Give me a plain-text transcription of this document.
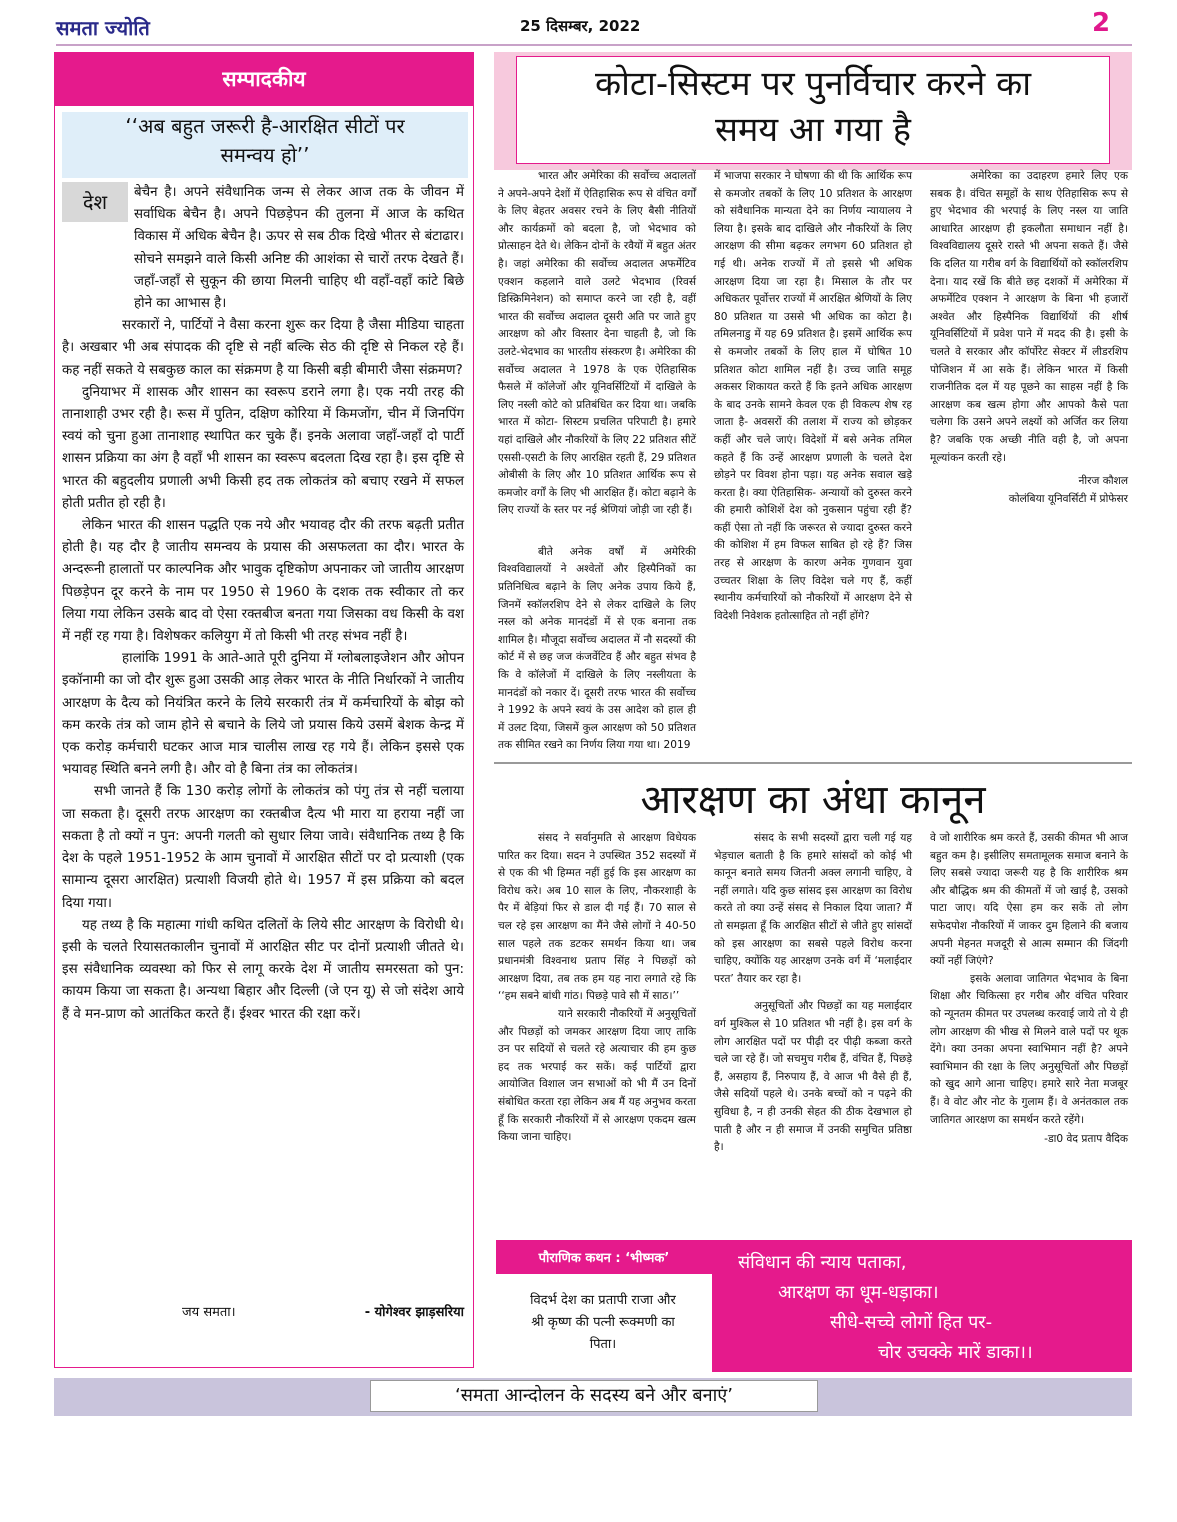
समता ज्योति	25 दिसम्बर, 2022	2
सम्पादकीय
‘‘अब बहुत जरूरी है-आरक्षित सीटों पर
समन्वय हो’’
देश	बेचैन है। अपने संवैधानिक जन्म से लेकर आज तक के जीवन में सर्वाधिक बेचैन है। अपने पिछड़ेपन की तुलना में आज के कथित विकास में अधिक बेचैन है। ऊपर से सब ठीक दिखे भीतर से बंटाढार। सोचने समझने वाले किसी अनिष्ट की आशंका से चारों तरफ देखते हैं। जहाँ-जहाँ से सुकून की छाया मिलनी चाहिए थी वहाँ-वहाँ कांटे बिछे होने का आभास है।

सरकारों ने, पार्टियों ने वैसा करना शुरू कर दिया है जैसा मीडिया चाहता है। अखबार भी अब संपादक की दृष्टि से नहीं बल्कि सेठ की दृष्टि से निकल रहे हैं। कह नहीं सकते ये सबकुछ काल का संक्रमण है या किसी बड़ी बीमारी जैसा संक्रमण?

दुनियाभर में शासक और शासन का स्वरूप डराने लगा है। एक नयी तरह की तानाशाही उभर रही है। रूस में पुतिन, दक्षिण कोरिया में किमजोंग, चीन में जिनपिंग स्वयं को चुना हुआ तानाशाह स्थापित कर चुके हैं। इनके अलावा जहाँ-जहाँ दो पार्टी शासन प्रक्रिया का अंग है वहाँ भी शासन का स्वरूप बदलता दिख रहा है। इस दृष्टि से भारत की बहुदलीय प्रणाली अभी किसी हद तक लोकतंत्र को बचाए रखने में सफल होती प्रतीत हो रही है।

लेकिन भारत की शासन पद्धति एक नये और भयावह दौर की तरफ बढ़ती प्रतीत होती है। यह दौर है जातीय समन्वय के प्रयास की असफलता का दौर। भारत के अन्दरूनी हालातों पर काल्पनिक और भावुक दृष्टिकोण अपनाकर जो जातीय आरक्षण पिछड़ेपन दूर करने के नाम पर 1950 से 1960 के दशक तक स्वीकार तो कर लिया गया लेकिन उसके बाद वो ऐसा रक्तबीज बनता गया जिसका वध किसी के वश में नहीं रह गया है। विशेषकर कलियुग में तो किसी भी तरह संभव नहीं है।

हालांकि 1991 के आते-आते पूरी दुनिया में ग्लोबलाइजेशन और ओपन इकॉनामी का जो दौर शुरू हुआ उसकी आड़ लेकर भारत के नीति निर्धारकों ने जातीय आरक्षण के दैत्य को नियंत्रित करने के लिये सरकारी तंत्र में कर्मचारियों के बोझ को कम करके तंत्र को जाम होने से बचाने के लिये जो प्रयास किये उसमें बेशक केन्द्र में एक करोड़ कर्मचारी घटकर आज मात्र चालीस लाख रह गये हैं। लेकिन इससे एक भयावह स्थिति बनने लगी है। और वो है बिना तंत्र का लोकतंत्र।

सभी जानते हैं कि 130 करोड़ लोगों के लोकतंत्र को पंगु तंत्र से नहीं चलाया जा सकता है। दूसरी तरफ आरक्षण का रक्तबीज दैत्य भी मारा या हराया नहीं जा सकता है तो क्यों न पुन: अपनी गलती को सुधार लिया जावे। संवैधानिक तथ्य है कि देश के पहले 1951-1952 के आम चुनावों में आरक्षित सीटों पर दो प्रत्याशी (एक सामान्य दूसरा आरक्षित) प्रत्याशी विजयी होते थे। 1957 में इस प्रक्रिया को बदल दिया गया।

यह तथ्य है कि महात्मा गांधी कथित दलितों के लिये सीट आरक्षण के विरोधी थे। इसी के चलते रियासतकालीन चुनावों में आरक्षित सीट पर दोनों प्रत्याशी जीतते थे। इस संवैधानिक व्यवस्था को फिर से लागू करके देश में जातीय समरसता को पुन: कायम किया जा सकता है। अन्यथा बिहार और दिल्ली (जे एन यू) से जो संदेश आये हैं वे मन-प्राण को आतंकित करते हैं। ईश्वर भारत की रक्षा करें।

जय समता।	- योगेश्वर झाड़सरिया
कोटा-सिस्टम पर पुनर्विचार करने का
समय आ गया है

भारत और अमेरिका की सर्वोच्च अदालतों ने अपने-अपने देशों में ऐतिहासिक रूप से वंचित वर्गों के लिए बेहतर अवसर रचने के लिए बैसी नीतियों और कार्यक्रमों को बदला है, जो भेदभाव को प्रोत्साहन देते थे। लेकिन दोनों के रवैयों में बहुत अंतर है। जहां अमेरिका की सर्वोच्च अदालत अफर्मेटिव एक्शन कहलाने वाले उलटे भेदभाव (रिवर्स डिस्क्रिमिनेशन) को समाप्त करने जा रही है, वहीं भारत की सर्वोच्च अदालत दूसरी अति पर जाते हुए आरक्षण को और विस्तार देना चाहती है, जो कि उलटे-भेदभाव का भारतीय संस्करण है। अमेरिका की सर्वोच्च अदालत ने 1978 के एक ऐतिहासिक फैसले में कॉलेजों और यूनिवर्सिटियों में दाखिले के लिए नस्ली कोटे को प्रतिबंधित कर दिया था। जबकि भारत में कोटा- सिस्टम प्रचलित परिपाटी है। हमारे यहां दाखिले और नौकरियों के लिए 22 प्रतिशत सीटें एससी-एसटी के लिए आरक्षित रहती हैं, 29 प्रतिशत ओबीसी के लिए और 10 प्रतिशत आर्थिक रूप से कमजोर वर्गों के लिए भी आरक्षित हैं। कोटा बढ़ाने के लिए राज्यों के स्तर पर नई श्रेणियां जोड़ी जा रही हैं।

बीते अनेक वर्षों में अमेरिकी विश्वविद्यालयों ने अश्वेतों और हिस्पैनिकों का प्रतिनिधित्व बढ़ाने के लिए अनेक उपाय किये हैं, जिनमें स्कॉलरशिप देने से लेकर दाखिले के लिए नस्ल को अनेक मानदंडों में से एक बनाना तक शामिल है। मौजूदा सर्वोच्च अदालत में नौ सदस्यों की कोर्ट में से छह जज कंजर्वेटिव हैं और बहुत संभव है कि वे कॉलेजों में दाखिले के लिए नस्लीयता के मानदंडों को नकार दें। दूसरी तरफ भारत की सर्वोच्च ने 1992 के अपने स्वयं के उस आदेश को हाल ही में उलट दिया, जिसमें कुल आरक्षण को 50 प्रतिशत तक सीमित रखने का निर्णय लिया गया था। 2019

में भाजपा सरकार ने घोषणा की थी कि आर्थिक रूप से कमजोर तबकों के लिए 10 प्रतिशत के आरक्षण को संवैधानिक मान्यता देने का निर्णय न्यायालय ने लिया है। इसके बाद दाखिले और नौकरियों के लिए आरक्षण की सीमा बढ़कर लगभग 60 प्रतिशत हो गई थी। अनेक राज्यों में तो इससे भी अधिक आरक्षण दिया जा रहा है। मिसाल के तौर पर अधिकतर पूर्वोत्तर राज्यों में आरक्षित श्रेणियों के लिए 80 प्रतिशत या उससे भी अधिक का कोटा है। तमिलनाडु में यह 69 प्रतिशत है। इसमें आर्थिक रूप से कमजोर तबकों के लिए हाल में घोषित 10 प्रतिशत कोटा शामिल नहीं है। उच्च जाति समूह अकसर शिकायत करते हैं कि इतने अधिक आरक्षण के बाद उनके सामने केवल एक ही विकल्प शेष रह जाता है- अवसरों की तलाश में राज्य को छोड़कर कहीं और चले जाएं। विदेशों में बसे अनेक तमिल कहते हैं कि उन्हें आरक्षण प्रणाली के चलते देश छोड़ने पर विवश होना पड़ा। यह अनेक सवाल खड़े करता है। क्या ऐतिहासिक- अन्यायों को दुरुस्त करने की हमारी कोशिशें देश को नुकसान पहुंचा रही हैं? कहीं ऐसा तो नहीं कि जरूरत से ज्यादा दुरुस्त करने की कोशिश में हम विफल साबित हो रहे हैं? जिस तरह से आरक्षण के कारण अनेक गुणवान युवा उच्चतर शिक्षा के लिए विदेश चले गए हैं, कहीं स्थानीय कर्मचारियों को नौकरियों में आरक्षण देने से विदेशी निवेशक हतोत्साहित तो नहीं होंगे?

अमेरिका का उदाहरण हमारे लिए एक सबक है। वंचित समूहों के साथ ऐतिहासिक रूप से हुए भेदभाव की भरपाई के लिए नस्ल या जाति आधारित आरक्षण ही इकलौता समाधान नहीं है। विश्वविद्यालय दूसरे रास्ते भी अपना सकते हैं। जैसे कि दलित या गरीब वर्ग के विद्यार्थियों को स्कॉलरशिप देना। याद रखें कि बीते छह दशकों में अमेरिका में अफर्मेटिव एक्शन ने आरक्षण के बिना भी हजारों अश्वेत और हिस्पैनिक विद्यार्थियों की शीर्ष यूनिवर्सिटियों में प्रवेश पाने में मदद की है। इसी के चलते वे सरकार और कॉर्पोरेट सेक्टर में लीडरशिप पोजिशन में आ सके हैं। लेकिन भारत में किसी राजनीतिक दल में यह पूछने का साहस नहीं है कि आरक्षण कब खत्म होगा और आपको कैसे पता चलेगा कि उसने अपने लक्ष्यों को अर्जित कर लिया है? जबकि एक अच्छी नीति वही है, जो अपना मूल्यांकन करती रहे।

नीरज कौशल

कोलंबिया यूनिवर्सिटी में प्रोफेसर

आरक्षण का अंधा कानून

संसद ने सर्वानुमति से आरक्षण विधेयक पारित कर दिया। सदन ने उपस्थित 352 सदस्यों में से एक की भी हिम्मत नहीं हुई कि इस आरक्षण का विरोध करे। अब 10 साल के लिए, नौकरशाही के पैर में बेड़ियां फिर से डाल दी गई हैं। 70 साल से चल रहे इस आरक्षण का मैंने जैसे लोगों ने 40-50 साल पहले तक डटकर समर्थन किया था। जब प्रधानमंत्री विश्वनाथ प्रताप सिंह ने पिछड़ों को आरक्षण दिया, तब तक हम यह नारा लगाते रहे कि ‘‘हम सबने बांधी गांठ। पिछड़े पावे सौ में साठ।’’

याने सरकारी नौकरियों में अनुसूचितों और पिछड़ों को जमकर आरक्षण दिया जाए ताकि उन पर सदियों से चलते रहे अत्याचार की हम कुछ हद तक भरपाई कर सकें। कई पार्टियों द्वारा आयोजित विशाल जन सभाओं को भी मैं उन दिनों संबोधित करता रहा लेकिन अब मैं यह अनुभव करता हूँ कि सरकारी नौकरियों में से आरक्षण एकदम खत्म किया जाना चाहिए।

संसद के सभी सदस्यों द्वारा चली गई यह भेड़चाल बताती है कि हमारे सांसदों को कोई भी कानून बनाते समय जितनी अक्ल लगानी चाहिए, वे नहीं लगाते। यदि कुछ सांसद इस आरक्षण का विरोध करते तो क्या उन्हें संसद से निकाल दिया जाता? मैं तो समझता हूँ कि आरक्षित सीटों से जीते हुए सांसदों को इस आरक्षण का सबसे पहले विरोध करना चाहिए, क्योंकि यह आरक्षण उनके वर्ग में ‘मलाईदार परत’ तैयार कर रहा है।

अनुसूचितों और पिछड़ों का यह मलाईदार वर्ग मुश्किल से 10 प्रतिशत भी नहीं है। इस वर्ग के लोग आरक्षित पदों पर पीढ़ी दर पीढ़ी कब्जा करते चले जा रहे हैं। जो सचमुच गरीब हैं, वंचित हैं, पिछड़े हैं, असहाय हैं, निरुपाय हैं, वे आज भी वैसे ही हैं, जैसे सदियों पहले थे। उनके बच्चों को न पढ़ने की सुविधा है, न ही उनकी सेहत की ठीक देखभाल हो पाती है और न ही समाज में उनकी समुचित प्रतिष्ठा है।

वे जो शारीरिक श्रम करते हैं, उसकी कीमत भी आज बहुत कम है। इसीलिए समतामूलक समाज बनाने के लिए सबसे ज्यादा जरूरी यह है कि शारीरिक श्रम और बौद्धिक श्रम की कीमतों में जो खाई है, उसको पाटा जाए। यदि ऐसा हम कर सकें तो लोग सफेदपोश नौकरियों में जाकर दुम हिलाने की बजाय अपनी मेहनत मजदूरी से आत्म सम्मान की जिंदगी क्यों नहीं जिएंगे?

इसके अलावा जातिगत भेदभाव के बिना शिक्षा और चिकित्सा हर गरीब और वंचित परिवार को न्यूनतम कीमत पर उपलब्ध करवाई जाये तो ये ही लोग आरक्षण की भीख से मिलने वाले पदों पर थूक देंगे। क्या उनका अपना स्वाभिमान नहीं है? अपने स्वाभिमान की रक्षा के लिए अनुसूचितों और पिछड़ों को खुद आगे आना चाहिए। हमारे सारे नेता मजबूर हैं। वे वोट और नोट के गुलाम हैं। वे अनंतकाल तक जातिगत आरक्षण का समर्थन करते रहेंगे।

-डा0 वेद प्रताप वैदिक

पौराणिक कथन : ‘भीष्मक’
विदर्भ देश का प्रतापी राजा और
श्री कृष्ण की पत्नी रूक्मणी का
पिता।
संविधान की न्याय पताका,
आरक्षण का धूम-धड़ाका।
सीधे-सच्चे लोगों हित पर-
चोर उचक्के मारें डाका।।
‘समता आन्दोलन के सदस्य बने और बनाएं’
